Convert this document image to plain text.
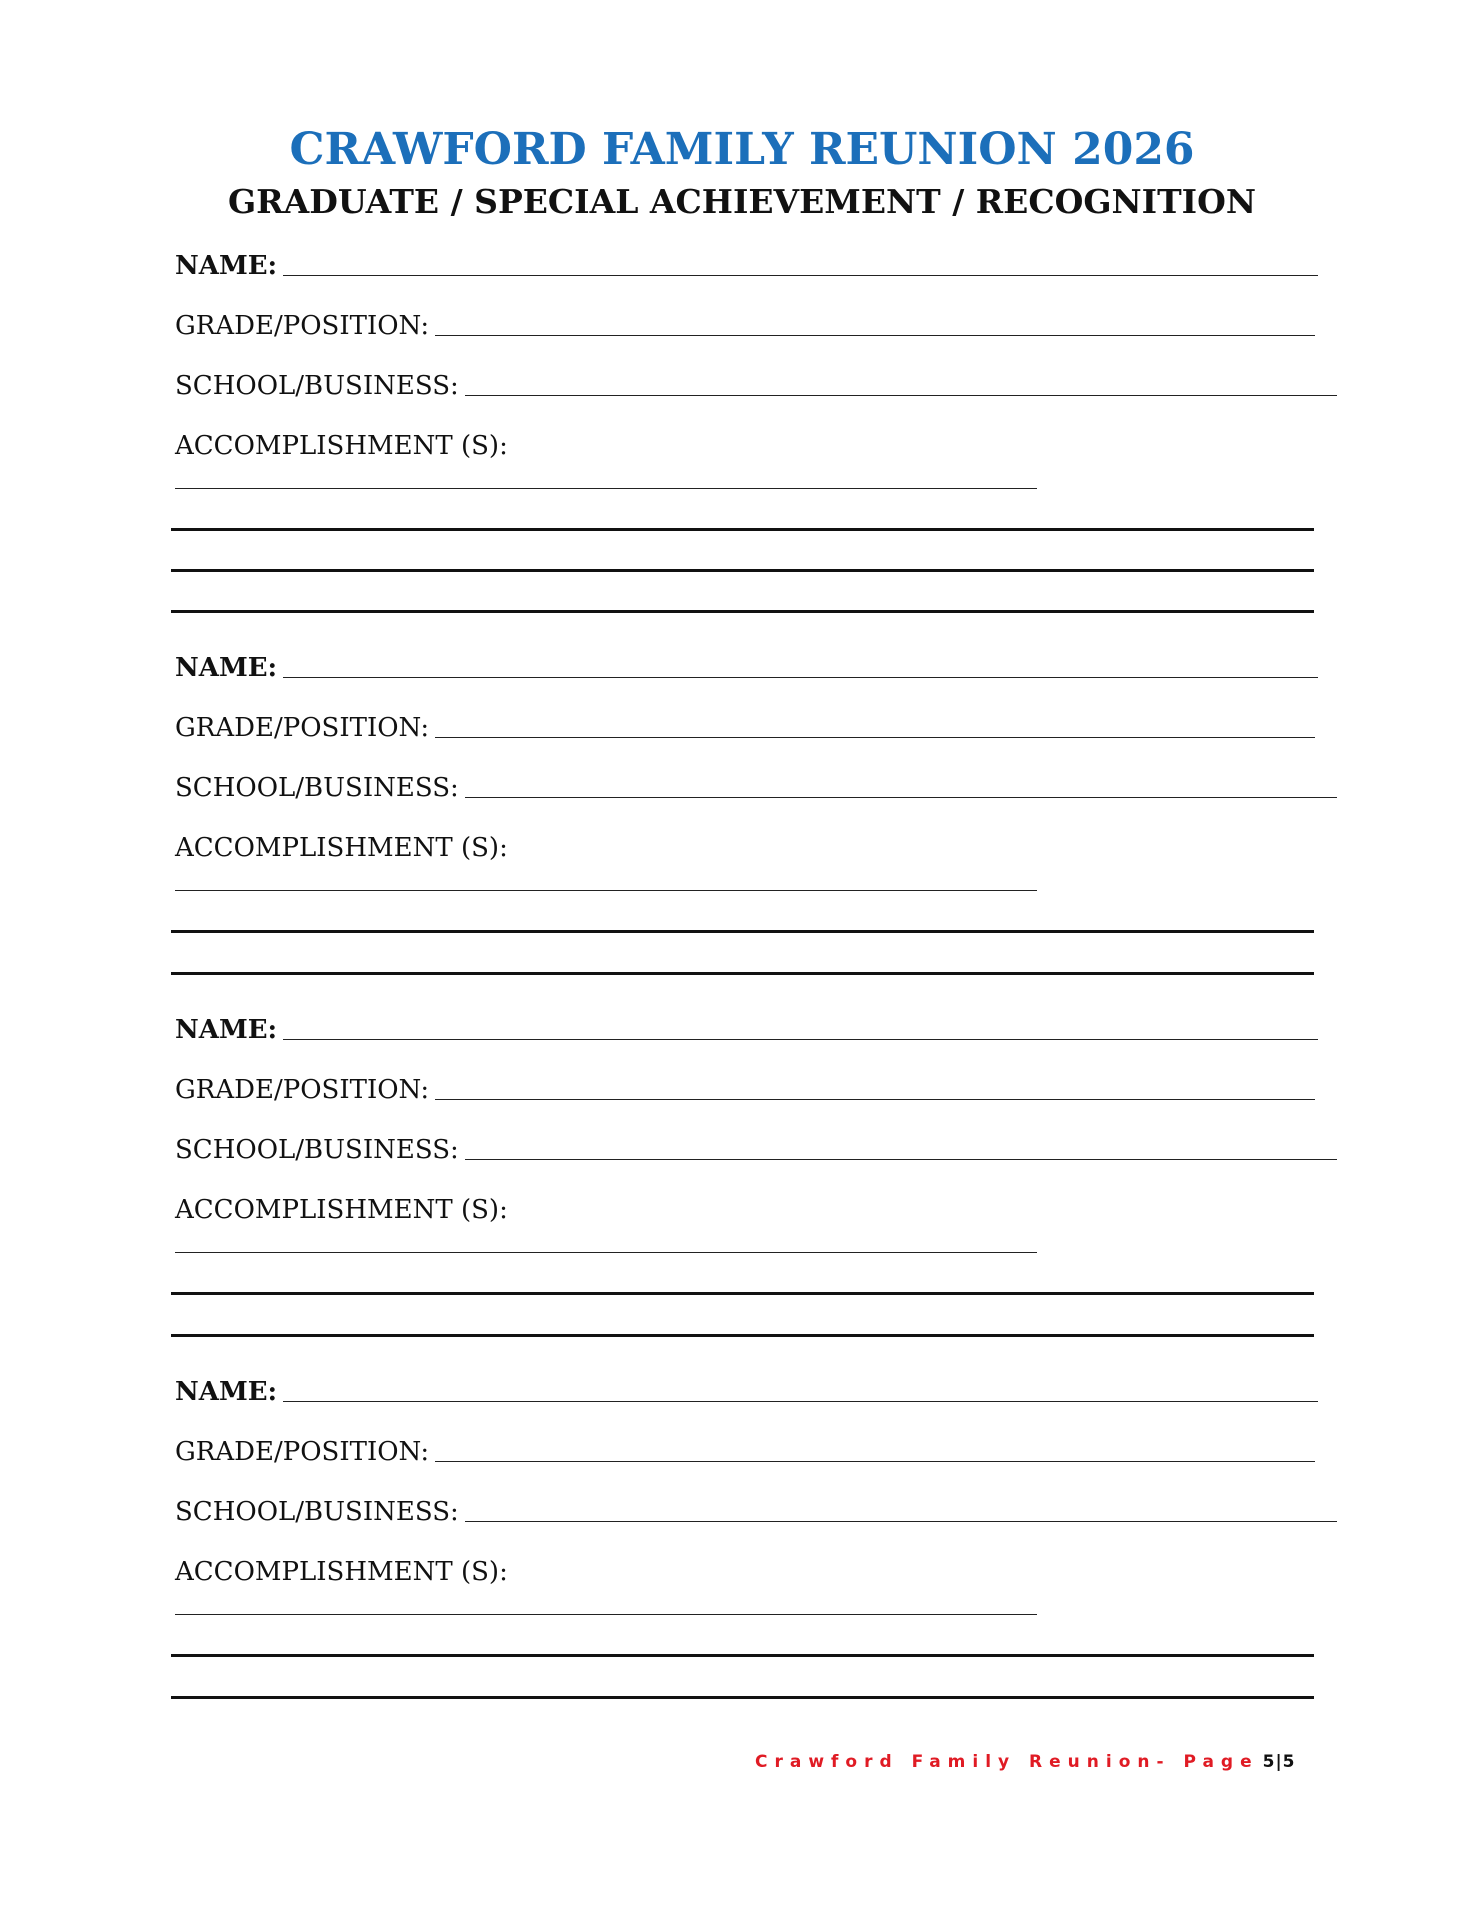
CRAWFORD FAMILY REUNION 2026
GRADUATE / SPECIAL ACHIEVEMENT / RECOGNITION
NAME:
GRADE/POSITION:
SCHOOL/BUSINESS:
ACCOMPLISHMENT (S):
NAME:
GRADE/POSITION:
SCHOOL/BUSINESS:
ACCOMPLISHMENT (S):
NAME:
GRADE/POSITION:
SCHOOL/BUSINESS:
ACCOMPLISHMENT (S):
NAME:
GRADE/POSITION:
SCHOOL/BUSINESS:
ACCOMPLISHMENT (S):
Crawford Family Reunion- Page 5|5
